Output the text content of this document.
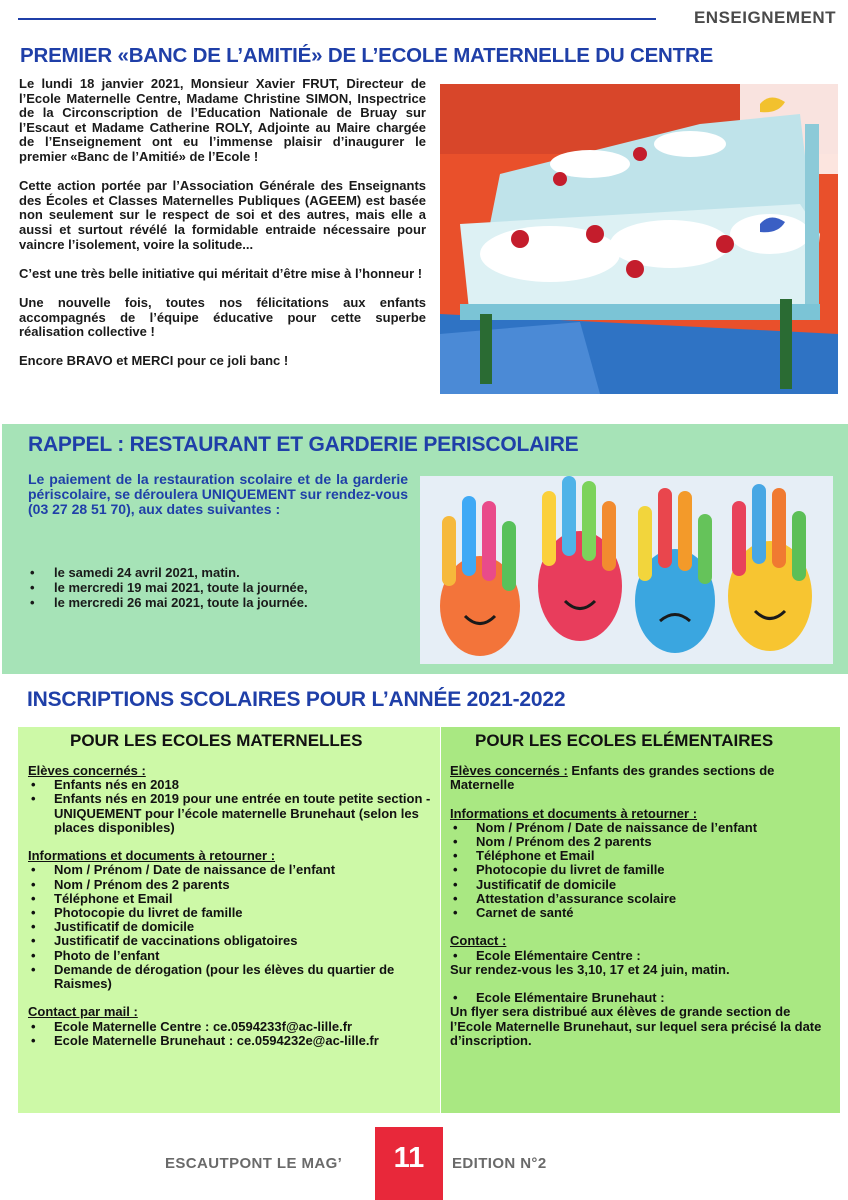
ENSEIGNEMENT
PREMIER «BANC DE L’AMITIÉ» DE L’ECOLE MATERNELLE DU CENTRE

Le lundi 18 janvier 2021, Monsieur Xavier FRUT, Directeur de l’Ecole Maternelle Centre, Madame Christine SIMON, Inspectrice de la Circonscription de l’Education Nationale de Bruay sur l’Escaut et Madame Catherine ROLY, Adjointe au Maire chargée de l’Enseignement ont eu l’immense plaisir d’inaugurer le premier «Banc de l’Amitié» de l’Ecole !

Cette action portée par l’Association Générale des Enseignants des Écoles et Classes Maternelles Publiques (AGEEM) est basée non seulement sur le respect de soi et des autres, mais elle a aussi et surtout révélé la formidable entraide nécessaire pour vaincre l’isolement, voire la solitude...

C’est une très belle initiative qui méritait d’être mise à l’honneur !

Une nouvelle fois, toutes nos félicitations aux enfants accompagnés de l’équipe éducative pour cette superbe réalisation collective !

Encore BRAVO et MERCI pour ce joli banc !

RAPPEL : RESTAURANT ET GARDERIE PERISCOLAIRE

Le paiement de la restauration scolaire et de la garderie périscolaire, se déroulera UNIQUEMENT sur rendez-vous (03 27 28 51 70), aux dates suivantes :

• le samedi 24 avril 2021, matin.
• le mercredi 19 mai 2021, toute la journée,
• le mercredi 26 mai 2021, toute la journée.
INSCRIPTIONS SCOLAIRES POUR L’ANNÉE 2021-2022
POUR LES ECOLES MATERNELLES	POUR LES ECOLES ELÉMENTAIRES
Elèves concernés :
• Enfants nés en 2018
• Enfants nés en 2019 pour une entrée en toute petite section - UNIQUEMENT pour l’école maternelle Brunehaut (selon les places disponibles)
Informations et documents à retourner :
• Nom / Prénom / Date de naissance de l’enfant
• Nom / Prénom des 2 parents
• Téléphone et Email
• Photocopie du livret de famille
• Justificatif de domicile
• Justificatif de vaccinations obligatoires
• Photo de l’enfant
• Demande de dérogation (pour les élèves du quartier de Raismes)
Contact par mail :
• Ecole Maternelle Centre : ce.0594233f@ac-lille.fr
• Ecole Maternelle Brunehaut : ce.0594232e@ac-lille.fr
Elèves concernés : Enfants des grandes sections de Maternelle
Informations et documents à retourner :
• Nom / Prénom / Date de naissance de l’enfant
• Nom / Prénom des 2 parents
• Téléphone et Email
• Photocopie du livret de famille
• Justificatif de domicile
• Attestation d’assurance scolaire
• Carnet de santé
Contact :
• Ecole Elémentaire Centre :
Sur rendez-vous les 3,10, 17 et 24 juin, matin.
• Ecole Elémentaire Brunehaut :
Un flyer sera distribué aux élèves de grande section de l’Ecole Maternelle Brunehaut, sur lequel sera précisé la date d’inscription.
ESCAUTPONT LE MAG’	11	EDITION N°2
